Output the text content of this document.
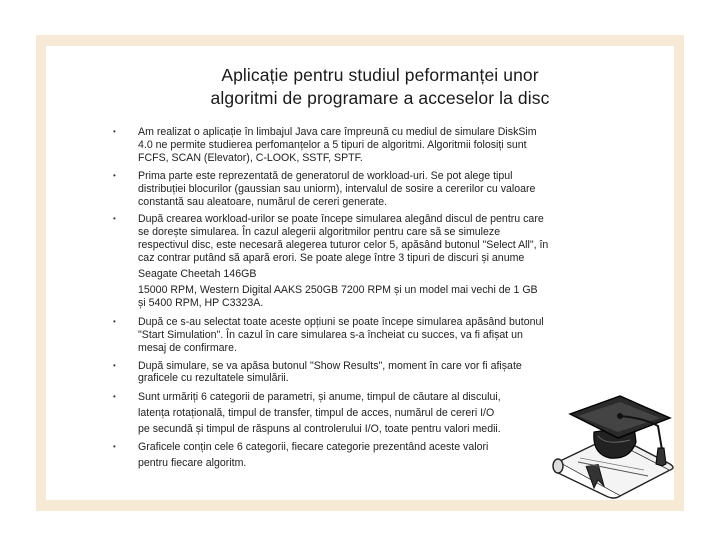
Aplicație pentru studiul peformanței unor
algoritmi de programare a acceselor la disc
• Am realizat o aplicație în limbajul Java care împreună cu mediul de simulare DiskSim
4.0 ne permite studierea perfomanțelor a 5 tipuri de algoritmi. Algoritmii folosiți sunt
FCFS, SCAN (Elevator), C-LOOK, SSTF, SPTF.
• Prima parte este reprezentată de generatorul de workload-uri. Se pot alege tipul
distribuției blocurilor (gaussian sau uniorm), intervalul de sosire a cererilor cu valoare
constantă sau aleatoare, numărul de cereri generate.
• După crearea workload-urilor se poate începe simularea alegând discul de pentru care
se dorește simularea. În cazul alegerii algoritmilor pentru care să se simuleze
respectivul disc, este necesară alegerea tuturor celor 5, apăsând butonul "Select All", în
caz contrar putând să apară erori. Se poate alege între 3 tipuri de discuri și anume
Seagate Cheetah 146GB
15000 RPM, Western Digital AAKS 250GB 7200 RPM și un model mai vechi de 1 GB
și 5400 RPM, HP C3323A.
• După ce s-au selectat toate aceste opțiuni se poate începe simularea apăsând butonul
"Start Simulation". În cazul în care simularea s-a încheiat cu succes, va fi afișat un
mesaj de confirmare.
• După simulare, se va apăsa butonul "Show Results", moment în care vor fi afișate
graficele cu rezultatele simulării.
• Sunt urmăriți 6 categorii de parametri, și anume, timpul de căutare al discului,
latența rotațională, timpul de transfer, timpul de acces, numărul de cereri I/O
pe secundă și timpul de răspuns al controlerului I/O, toate pentru valori medii.
• Graficele conțin cele 6 categorii, fiecare categorie prezentând aceste valori
pentru fiecare algoritm.
